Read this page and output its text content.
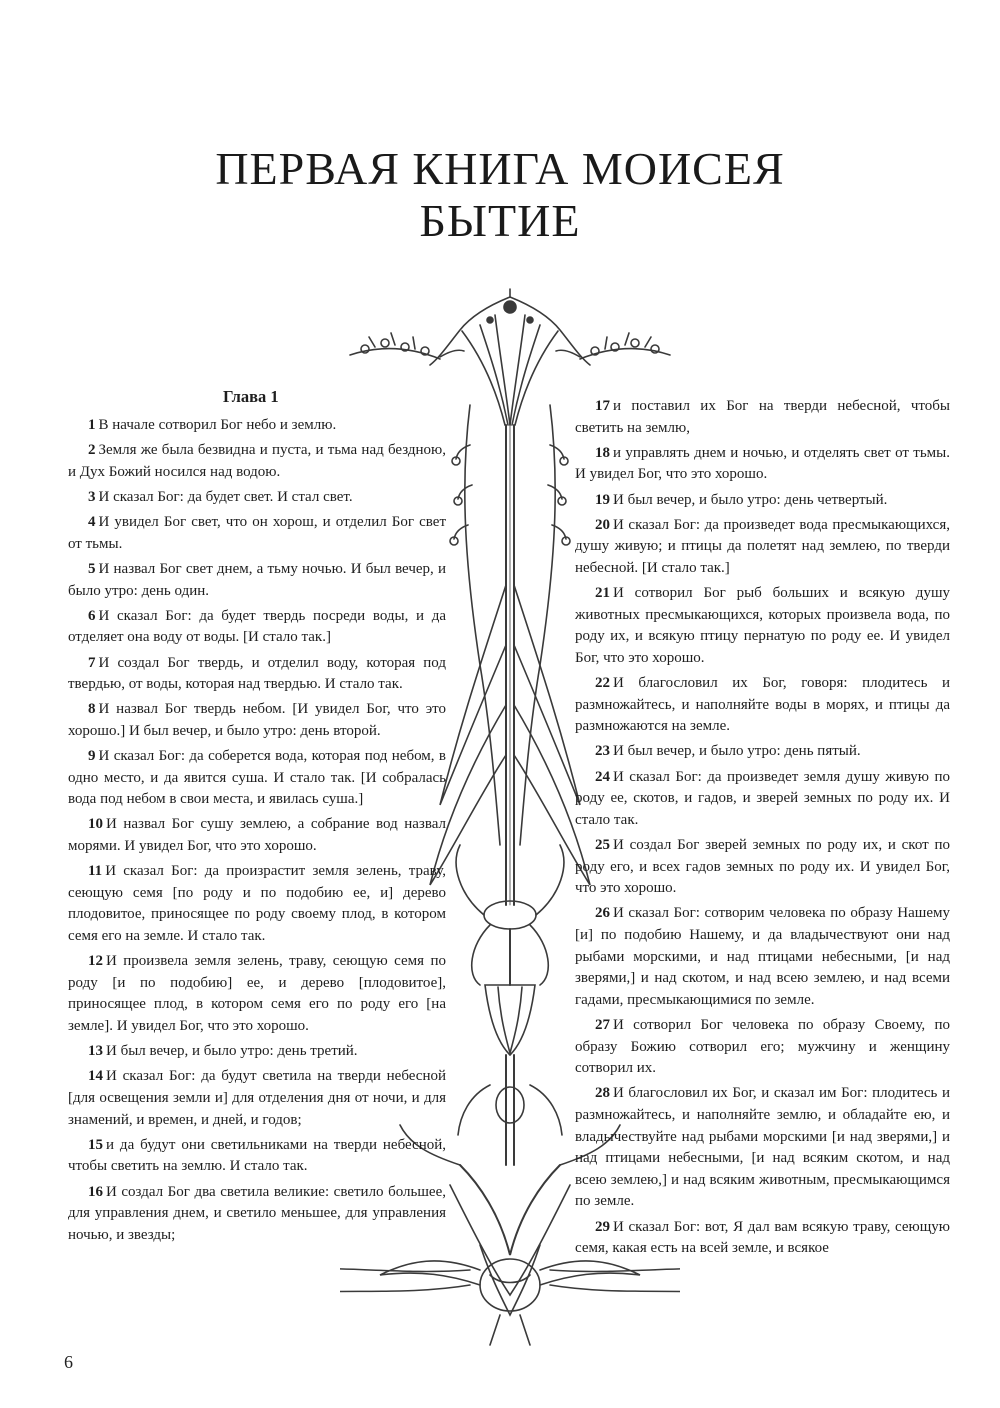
ПЕРВАЯ КНИГА МОИСЕЯ
БЫТИЕ
Глава 1

1 В начале сотворил Бог небо и землю.

2 Земля же была безвидна и пуста, и тьма над бездною, и Дух Божий носился над водою.

3 И сказал Бог: да будет свет. И стал свет.

4 И увидел Бог свет, что он хорош, и отделил Бог свет от тьмы.

5 И назвал Бог свет днем, а тьму ночью. И был вечер, и было утро: день один.

6 И сказал Бог: да будет твердь посреди воды, и да отделяет она воду от воды. [И стало так.]

7 И создал Бог твердь, и отделил воду, которая под твердью, от воды, которая над твердью. И стало так.

8 И назвал Бог твердь небом. [И увидел Бог, что это хорошо.] И был вечер, и было утро: день второй.

9 И сказал Бог: да соберется вода, которая под небом, в одно место, и да явится суша. И стало так. [И собралась вода под небом в свои места, и явилась суша.]

10 И назвал Бог сушу землею, а собрание вод назвал морями. И увидел Бог, что это хорошо.

11 И сказал Бог: да произрастит земля зелень, траву, сеющую семя [по роду и по подобию ее, и] дерево плодовитое, приносящее по роду своему плод, в котором семя его на земле. И стало так.

12 И произвела земля зелень, траву, сеющую семя по роду [и по подобию] ее, и дерево [плодовитое], приносящее плод, в котором семя его по роду его [на земле]. И увидел Бог, что это хорошо.

13 И был вечер, и было утро: день третий.

14 И сказал Бог: да будут светила на тверди небесной [для освещения земли и] для отделения дня от ночи, и для знамений, и времен, и дней, и годов;

15 и да будут они светильниками на тверди небесной, чтобы светить на землю. И стало так.

16 И создал Бог два светила великие: светило большее, для управления днем, и светило меньшее, для управления ночью, и звезды;

17 и поставил их Бог на тверди небесной, чтобы светить на землю,

18 и управлять днем и ночью, и отделять свет от тьмы. И увидел Бог, что это хорошо.

19 И был вечер, и было утро: день четвертый.

20 И сказал Бог: да произведет вода пресмыкающихся, душу живую; и птицы да полетят над землею, по тверди небесной. [И стало так.]

21 И сотворил Бог рыб больших и всякую душу животных пресмыкающихся, которых произвела вода, по роду их, и всякую птицу пернатую по роду ее. И увидел Бог, что это хорошо.

22 И благословил их Бог, говоря: плодитесь и размножайтесь, и наполняйте воды в морях, и птицы да размножаются на земле.

23 И был вечер, и было утро: день пятый.

24 И сказал Бог: да произведет земля душу живую по роду ее, скотов, и гадов, и зверей земных по роду их. И стало так.

25 И создал Бог зверей земных по роду их, и скот по роду его, и всех гадов земных по роду их. И увидел Бог, что это хорошо.

26 И сказал Бог: сотворим человека по образу Нашему [и] по подобию Нашему, и да владычествуют они над рыбами морскими, и над птицами небесными, [и над зверями,] и над скотом, и над всею землею, и над всеми гадами, пресмыкающимися по земле.

27 И сотворил Бог человека по образу Своему, по образу Божию сотворил его; мужчину и женщину сотворил их.

28 И благословил их Бог, и сказал им Бог: плодитесь и размножайтесь, и наполняйте землю, и обладайте ею, и владычествуйте над рыбами морскими [и над зверями,] и над птицами небесными, [и над всяким скотом, и над всею землею,] и над всяким животным, пресмыкающимся по земле.

29 И сказал Бог: вот, Я дал вам всякую траву, сеющую семя, какая есть на всей земле, и всякое

6
